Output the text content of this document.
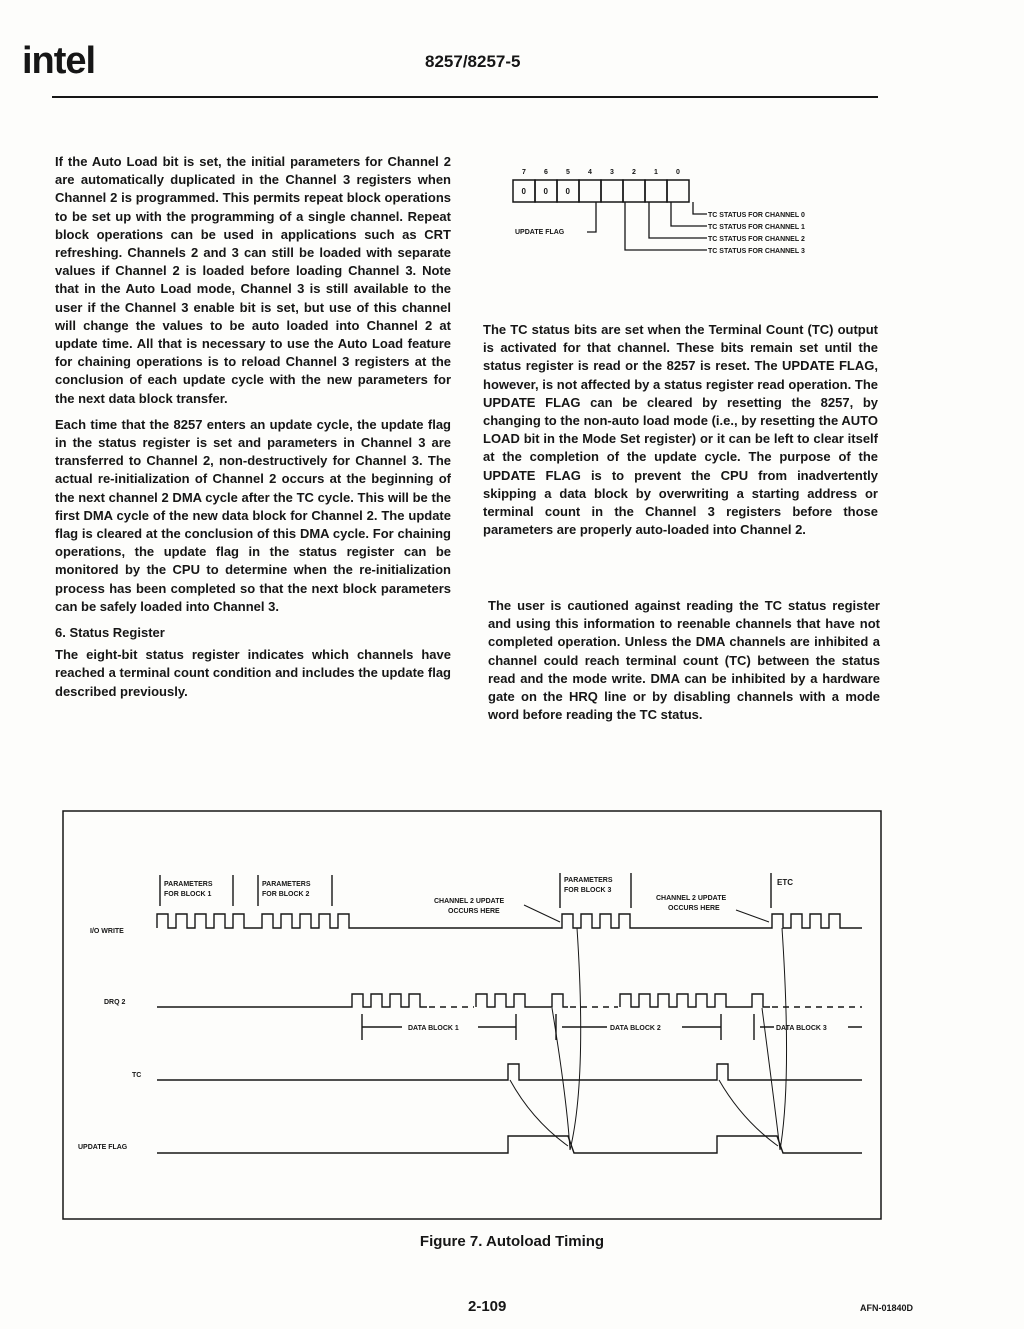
intel	8257/8257-5

If the Auto Load bit is set, the initial parameters for Channel 2 are automatically duplicated in the Channel 3 registers when Channel 2 is programmed. This permits repeat block operations to be set up with the programming of a single channel. Repeat block operations can be used in applications such as CRT refreshing. Channels 2 and 3 can still be loaded with separate values if Channel 2 is loaded before loading Channel 3. Note that in the Auto Load mode, Channel 3 is still available to the user if the Channel 3 enable bit is set, but use of this channel will change the values to be auto loaded into Channel 2 at update time. All that is necessary to use the Auto Load feature for chaining operations is to reload Channel 3 registers at the conclusion of each update cycle with the new parameters for the next data block transfer.

Each time that the 8257 enters an update cycle, the update flag in the status register is set and parameters in Channel 3 are transferred to Channel 2, non-destructively for Channel 3. The actual re-initialization of Channel 2 occurs at the beginning of the next channel 2 DMA cycle after the TC cycle. This will be the first DMA cycle of the new data block for Channel 2. The update flag is cleared at the conclusion of this DMA cycle. For chaining operations, the update flag in the status register can be monitored by the CPU to determine when the re-initialization process has been completed so that the next block parameters can be safely loaded into Channel 3.

6. Status Register

The eight-bit status register indicates which channels have reached a terminal count condition and includes the update flag described previously.

7	6	5	4	3	2	1	0
0 0 0
UPDATE FLAG
TC STATUS FOR CHANNEL 0
TC STATUS FOR CHANNEL 1
TC STATUS FOR CHANNEL 2
TC STATUS FOR CHANNEL 3

The TC status bits are set when the Terminal Count (TC) output is activated for that channel. These bits remain set until the status register is read or the 8257 is reset. The UPDATE FLAG, however, is not affected by a status register read operation. The UPDATE FLAG can be cleared by resetting the 8257, by changing to the non-auto load mode (i.e., by resetting the AUTO LOAD bit in the Mode Set register) or it can be left to clear itself at the completion of the update cycle. The purpose of the UPDATE FLAG is to prevent the CPU from inadvertently skipping a data block by overwriting a starting address or terminal count in the Channel 3 registers before those parameters are properly auto-loaded into Channel 2.

The user is cautioned against reading the TC status register and using this information to reenable channels that have not completed operation. Unless the DMA channels are inhibited a channel could reach terminal count (TC) between the status read and the mode write. DMA can be inhibited by a hardware gate on the HRQ line or by disabling channels with a mode word before reading the TC status.

I/O WRITE
DRQ 2
TC
UPDATE FLAG
PARAMETERS
FOR BLOCK 1
PARAMETERS
FOR BLOCK 2
PARAMETERS
FOR BLOCK 3
CHANNEL 2 UPDATE
OCCURS HERE
CHANNEL 2 UPDATE
OCCURS HERE
ETC
DATA BLOCK 1	DATA BLOCK 2	DATA BLOCK 3
Figure 7. Autoload Timing
2-109	AFN-01840D
